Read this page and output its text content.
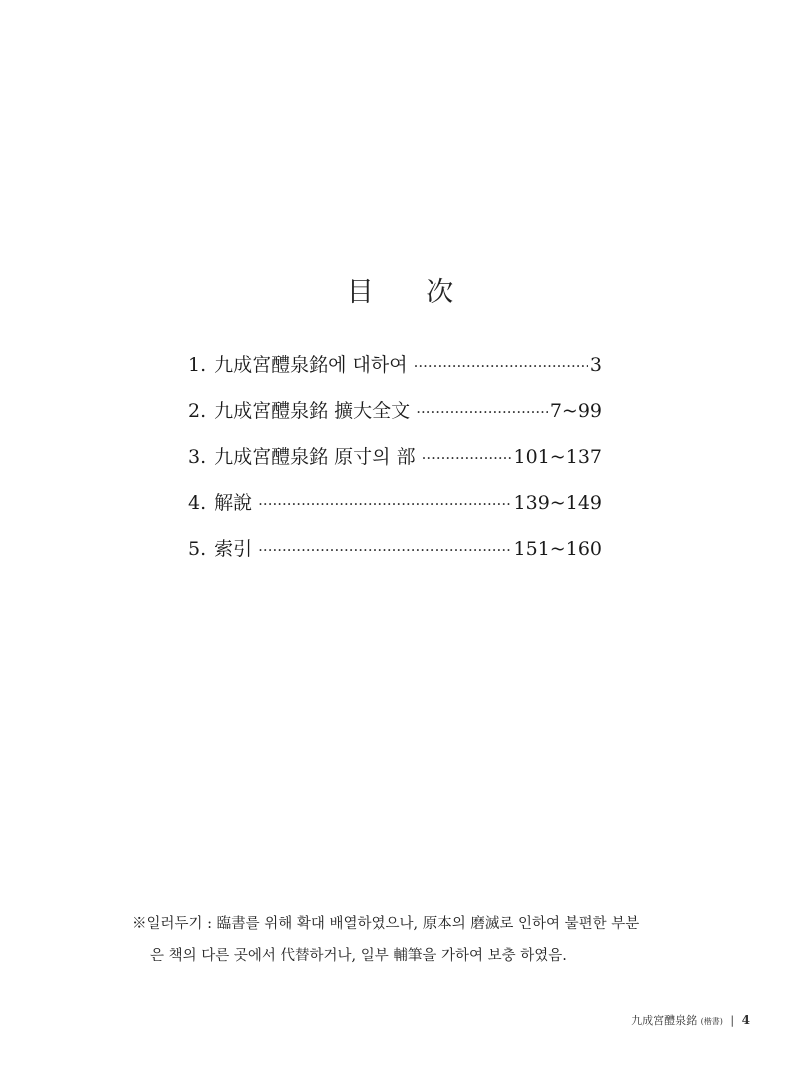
目 次
1. 九成宮醴泉銘에 대하여 ·····	3
2. 九成宮醴泉銘 擴大全文 ·····	7~99
3. 九成宮醴泉銘 原寸의 部 ·····	101~137
4. 解說 ·····	139~149
5. 索引 ·····	151~160
※일러두기 : 臨書를 위해 확대 배열하였으나, 原本의 磨滅로 인하여 불편한 부분
은 책의 다른 곳에서 代替하거나, 일부 輔筆을 가하여 보충 하였음.
九成宮醴泉銘 (楷書) | 4
